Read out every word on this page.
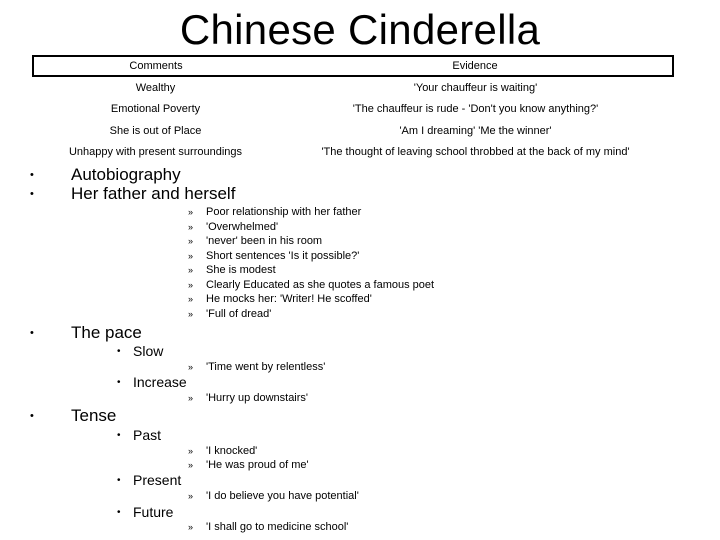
Chinese Cinderella
Comments	Evidence
Wealthy	'Your chauffeur is waiting'
Emotional Poverty	'The chauffeur is rude - 'Don't you know anything?'
She is out of Place	'Am I dreaming' 'Me the winner'
Unhappy with present surroundings	'The thought of leaving school throbbed at the back of my mind'
• Autobiography
• Her father and herself
» Poor relationship with her father
» 'Overwhelmed'
» 'never' been in his room
» Short sentences 'Is it possible?'
» She is modest
» Clearly Educated as she quotes a famous poet
» He mocks her: 'Writer! He scoffed'
» 'Full of dread'
• The pace
• Slow
» 'Time went by relentless'
• Increase
» 'Hurry up downstairs'
• Tense
• Past
» 'I knocked'
» 'He was proud of me'
• Present
» 'I do believe you have potential'
• Future
» 'I shall go to medicine school'
